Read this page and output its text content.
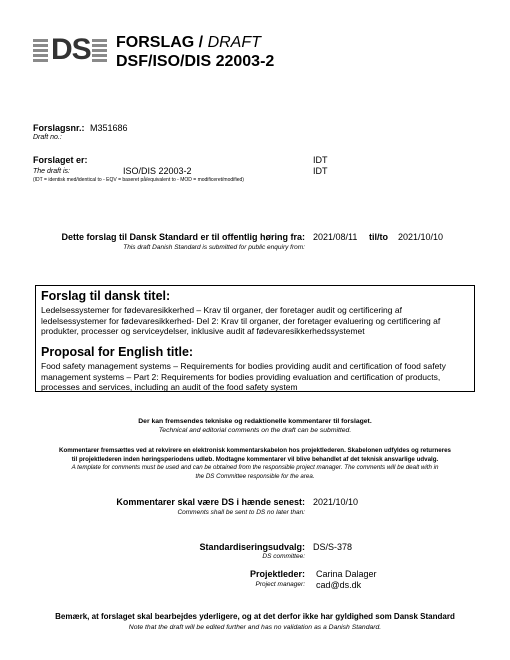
DS FORSLAG / DRAFT
DSF/ISO/DIS 22003-2
Forslagsnr.: M351686
Draft no.:
Forslaget er:	IDT
The draft is:	ISO/DIS 22003-2	IDT
(IDT = identisk med/identical to - EQV = baseret på/equivalent to - MOD = modificeret/modified)
Dette forslag til Dansk Standard er til offentlig høring fra:
This draft Danish Standard is submitted for public enquiry from:
2021/08/11 til/to 2021/10/10
Forslag til dansk titel:
Ledelsessystemer for fødevaresikkerhed – Krav til organer, der foretager audit og certificering af
ledelsessystemer for fødevaresikkerhed- Del 2: Krav til organer, der foretager evaluering og certificering af
produkter, processer og serviceydelser, inklusive audit af fødevaresikkerhedssystemet
Proposal for English title:
Food safety management systems – Requirements for bodies providing audit and certification of food safety
management systems – Part 2: Requirements for bodies providing evaluation and certification of products,
processes and services, including an audit of the food safety system
Der kan fremsendes tekniske og redaktionelle kommentarer til forslaget.
Technical and editorial comments on the draft can be submitted.
Kommentarer fremsættes ved at rekvirere en elektronisk kommentarskabelon hos projektlederen. Skabelonen udfyldes og returneres
til projektlederen inden høringsperiodens udløb. Modtagne kommentarer vil blive behandlet af det teknisk ansvarlige udvalg.
A template for comments must be used and can be obtained from the responsible project manager. The comments will be dealt with in
the DS Committee responsible for the area.
Kommentarer skal være DS i hænde senest:
Comments shall be sent to DS no later than:
2021/10/10
Standardiseringsudvalg:
DS committee:
DS/S-378
Projektleder:
Project manager:
Carina Dalager
cad@ds.dk
Bemærk, at forslaget skal bearbejdes yderligere, og at det derfor ikke har gyldighed som Dansk Standard
Note that the draft will be edited further and has no validation as a Danish Standard.
